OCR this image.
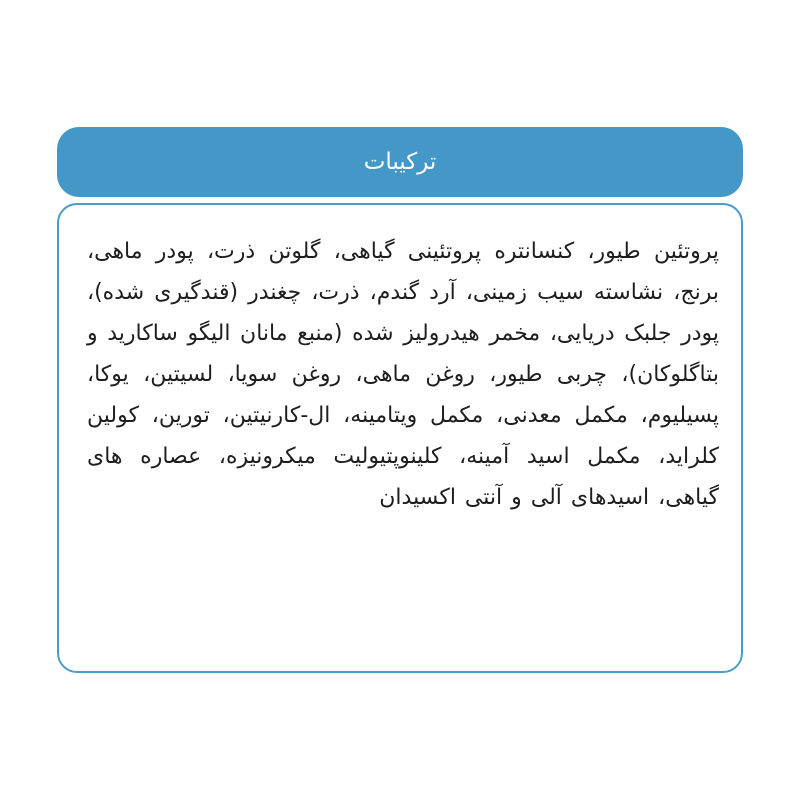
ترکیبات

پروتئین طیور، کنسانتره پروتئینی گیاهی، گلوتن ذرت، پودر ماهی، برنج، نشاسته سیب زمینی، آرد گندم، ذرت، چغندر (قندگیری شده)، پودر جلبک دریایی، مخمر هیدرولیز شده (منبع مانان الیگو ساکارید و بتاگلوکان)، چربی طیور، روغن ماهی، روغن سویا، لسیتین، یوکا، پسیلیوم، مکمل معدنی، مکمل ویتامینه، ال-کارنیتین، تورین، کولین کلراید، مکمل اسید آمینه، کلینوپتیولیت میکرونیزه، عصاره های گیاهی، اسیدهای آلی و آنتی اکسیدان
